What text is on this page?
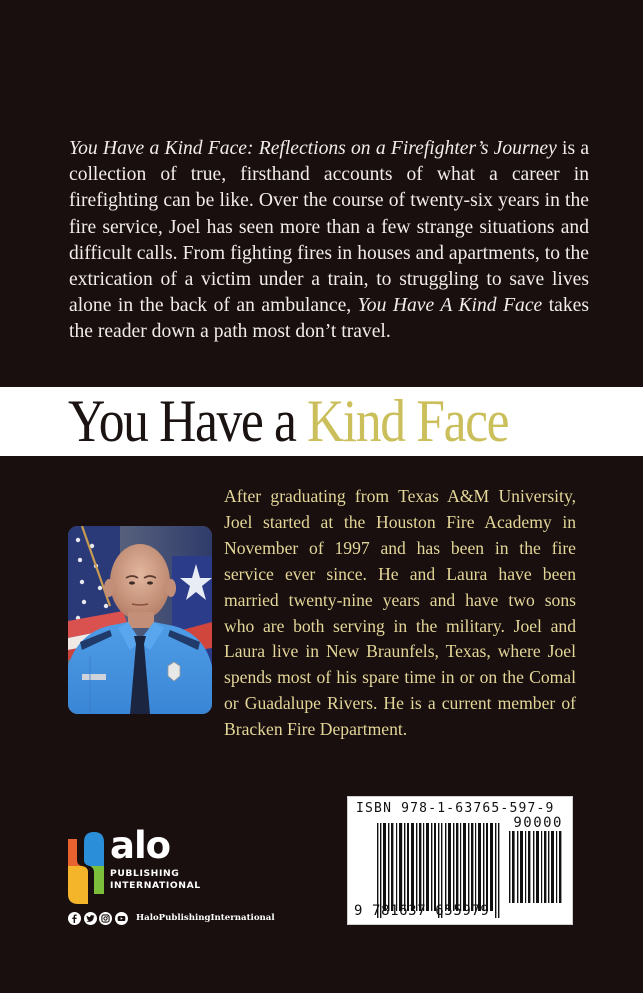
You Have a Kind Face: Reflections on a Firefighter’s Journey is a collection of true, firsthand accounts of what a career in firefighting can be like. Over the course of twenty-six years in the fire service, Joel has seen more than a few strange situations and difficult calls. From fighting fires in houses and apartments, to the extrication of a victim under a train, to struggling to save lives alone in the back of an ambulance, You Have A Kind Face takes the reader down a path most don’t travel.

You Have a Kind Face

After graduating from Texas A&M University, Joel started at the Houston Fire Academy in November of 1997 and has been in the fire service ever since. He and Laura have been married twenty-nine years and have two sons who are both serving in the military. Joel and Laura live in New Braunfels, Texas, where Joel spends most of his spare time in or on the Comal or Guadalupe Rivers. He is a current member of Bracken Fire Department.

alo
PUBLISHING
INTERNATIONAL
HaloPublishingInternational
ISBN 978-1-63765-597-9
90000
9 781637 655979
